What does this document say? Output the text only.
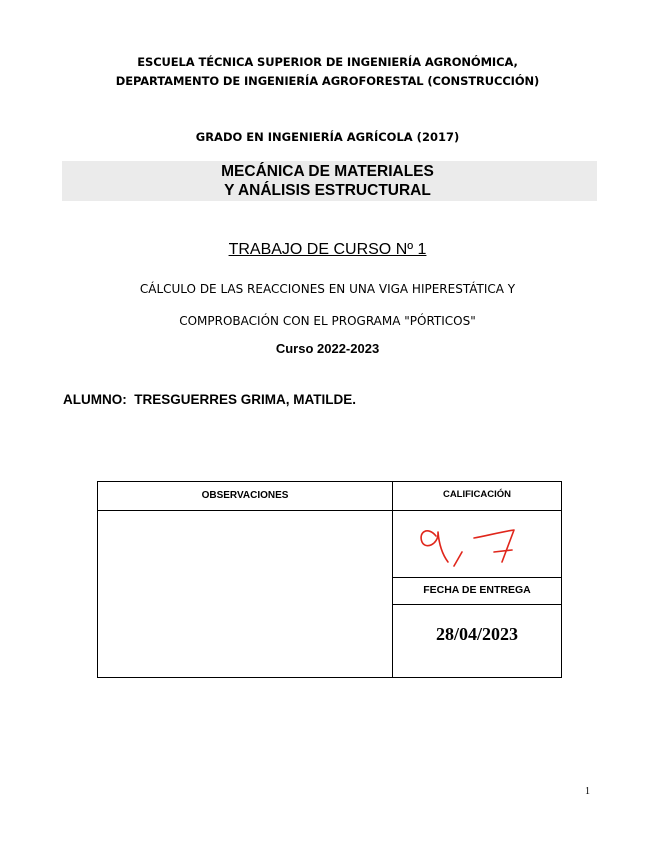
ESCUELA TÉCNICA SUPERIOR DE INGENIERÍA AGRONÓMICA,
DEPARTAMENTO DE INGENIERÍA AGROFORESTAL (CONSTRUCCIÓN)
GRADO EN INGENIERÍA AGRÍCOLA (2017)
MECÁNICA DE MATERIALES
Y ANÁLISIS ESTRUCTURAL
TRABAJO DE CURSO Nº 1
CÁLCULO DE LAS REACCIONES EN UNA VIGA HIPERESTÁTICA Y
COMPROBACIÓN CON EL PROGRAMA "PÓRTICOS"
Curso 2022-2023
ALUMNO: TRESGUERRES GRIMA, MATILDE.
OBSERVACIONES	CALIFICACIÓN
FECHA DE ENTREGA
28/04/2023
1
